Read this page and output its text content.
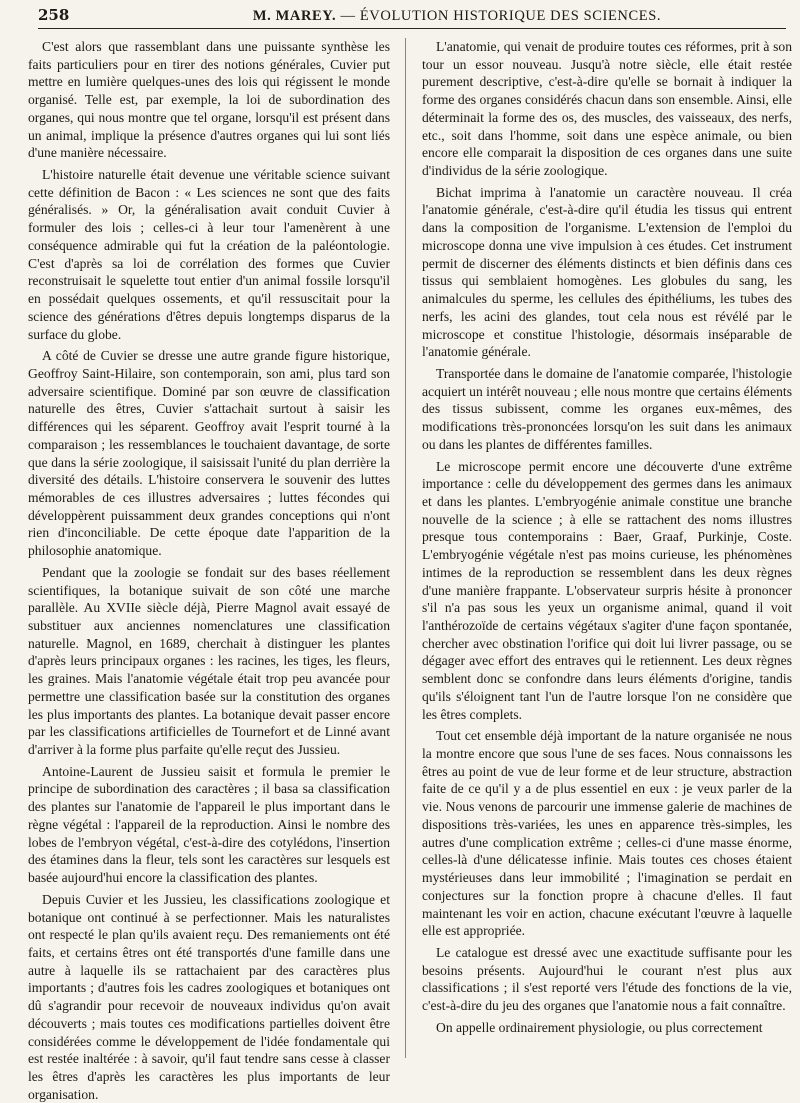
258	M. MAREY. — ÉVOLUTION HISTORIQUE DES SCIENCES.

C'est alors que rassemblant dans une puissante synthèse les faits particuliers pour en tirer des notions générales, Cuvier put mettre en lumière quelques-unes des lois qui régissent le monde organisé. Telle est, par exemple, la loi de subordination des organes, qui nous montre que tel organe, lorsqu'il est présent dans un animal, implique la présence d'autres organes qui lui sont liés d'une manière nécessaire.

L'histoire naturelle était devenue une véritable science suivant cette définition de Bacon : « Les sciences ne sont que des faits généralisés. » Or, la généralisation avait conduit Cuvier à formuler des lois ; celles-ci à leur tour l'amenèrent à une conséquence admirable qui fut la création de la paléontologie. C'est d'après sa loi de corrélation des formes que Cuvier reconstruisait le squelette tout entier d'un animal fossile lorsqu'il en possédait quelques ossements, et qu'il ressuscitait pour la science des générations d'êtres depuis longtemps disparus de la surface du globe.

A côté de Cuvier se dresse une autre grande figure historique, Geoffroy Saint-Hilaire, son contemporain, son ami, plus tard son adversaire scientifique. Dominé par son œuvre de classification naturelle des êtres, Cuvier s'attachait surtout à saisir les différences qui les séparent. Geoffroy avait l'esprit tourné à la comparaison ; les ressemblances le touchaient davantage, de sorte que dans la série zoologique, il saisissait l'unité du plan derrière la diversité des détails. L'histoire conservera le souvenir des luttes mémorables de ces illustres adversaires ; luttes fécondes qui développèrent puissamment deux grandes conceptions qui n'ont rien d'inconciliable. De cette époque date l'apparition de la philosophie anatomique.

Pendant que la zoologie se fondait sur des bases réellement scientifiques, la botanique suivait de son côté une marche parallèle. Au XVIIe siècle déjà, Pierre Magnol avait essayé de substituer aux anciennes nomenclatures une classification naturelle. Magnol, en 1689, cherchait à distinguer les plantes d'après leurs principaux organes : les racines, les tiges, les fleurs, les graines. Mais l'anatomie végétale était trop peu avancée pour permettre une classification basée sur la constitution des organes les plus importants des plantes. La botanique devait passer encore par les classifications artificielles de Tournefort et de Linné avant d'arriver à la forme plus parfaite qu'elle reçut des Jussieu.

Antoine-Laurent de Jussieu saisit et formula le premier le principe de subordination des caractères ; il basa sa classification des plantes sur l'anatomie de l'appareil le plus important dans le règne végétal : l'appareil de la reproduction. Ainsi le nombre des lobes de l'embryon végétal, c'est-à-dire des cotylédons, l'insertion des étamines dans la fleur, tels sont les caractères sur lesquels est basée aujourd'hui encore la classification des plantes.

Depuis Cuvier et les Jussieu, les classifications zoologique et botanique ont continué à se perfectionner. Mais les naturalistes ont respecté le plan qu'ils avaient reçu. Des remaniements ont été faits, et certains êtres ont été transportés d'une famille dans une autre à laquelle ils se rattachaient par des caractères plus importants ; d'autres fois les cadres zoologiques et botaniques ont dû s'agrandir pour recevoir de nouveaux individus qu'on avait découverts ; mais toutes ces modifications partielles doivent être considérées comme le développement de l'idée fondamentale qui est restée inaltérée : à savoir, qu'il faut tendre sans cesse à classer les êtres d'après les caractères les plus importants de leur organisation.

L'anatomie, qui venait de produire toutes ces réformes, prit à son tour un essor nouveau. Jusqu'à notre siècle, elle était restée purement descriptive, c'est-à-dire qu'elle se bornait à indiquer la forme des organes considérés chacun dans son ensemble. Ainsi, elle déterminait la forme des os, des muscles, des vaisseaux, des nerfs, etc., soit dans l'homme, soit dans une espèce animale, ou bien encore elle comparait la disposition de ces organes dans une suite d'individus de la série zoologique.

Bichat imprima à l'anatomie un caractère nouveau. Il créa l'anatomie générale, c'est-à-dire qu'il étudia les tissus qui entrent dans la composition de l'organisme. L'extension de l'emploi du microscope donna une vive impulsion à ces études. Cet instrument permit de discerner des éléments distincts et bien définis dans ces tissus qui semblaient homogènes. Les globules du sang, les animalcules du sperme, les cellules des épithéliums, les tubes des nerfs, les acini des glandes, tout cela nous est révélé par le microscope et constitue l'histologie, désormais inséparable de l'anatomie générale.

Transportée dans le domaine de l'anatomie comparée, l'histologie acquiert un intérêt nouveau ; elle nous montre que certains éléments des tissus subissent, comme les organes eux-mêmes, des modifications très-prononcées lorsqu'on les suit dans les animaux ou dans les plantes de différentes familles.

Le microscope permit encore une découverte d'une extrême importance : celle du développement des germes dans les animaux et dans les plantes. L'embryogénie animale constitue une branche nouvelle de la science ; à elle se rattachent des noms illustres presque tous contemporains : Baer, Graaf, Purkinje, Coste. L'embryogénie végétale n'est pas moins curieuse, les phénomènes intimes de la reproduction se ressemblent dans les deux règnes d'une manière frappante. L'observateur surpris hésite à prononcer s'il n'a pas sous les yeux un organisme animal, quand il voit l'anthérozoïde de certains végétaux s'agiter d'une façon spontanée, chercher avec obstination l'orifice qui doit lui livrer passage, ou se dégager avec effort des entraves qui le retiennent. Les deux règnes semblent donc se confondre dans leurs éléments d'origine, tandis qu'ils s'éloignent tant l'un de l'autre lorsque l'on ne considère que les êtres complets.

Tout cet ensemble déjà important de la nature organisée ne nous la montre encore que sous l'une de ses faces. Nous connaissons les êtres au point de vue de leur forme et de leur structure, abstraction faite de ce qu'il y a de plus essentiel en eux : je veux parler de la vie. Nous venons de parcourir une immense galerie de machines de dispositions très-variées, les unes en apparence très-simples, les autres d'une complication extrême ; celles-ci d'une masse énorme, celles-là d'une délicatesse infinie. Mais toutes ces choses étaient mystérieuses dans leur immobilité ; l'imagination se perdait en conjectures sur la fonction propre à chacune d'elles. Il faut maintenant les voir en action, chacune exécutant l'œuvre à laquelle elle est appropriée.

Le catalogue est dressé avec une exactitude suffisante pour les besoins présents. Aujourd'hui le courant n'est plus aux classifications ; il s'est reporté vers l'étude des fonctions de la vie, c'est-à-dire du jeu des organes que l'anatomie nous a fait connaître.

On appelle ordinairement physiologie, ou plus correctement
